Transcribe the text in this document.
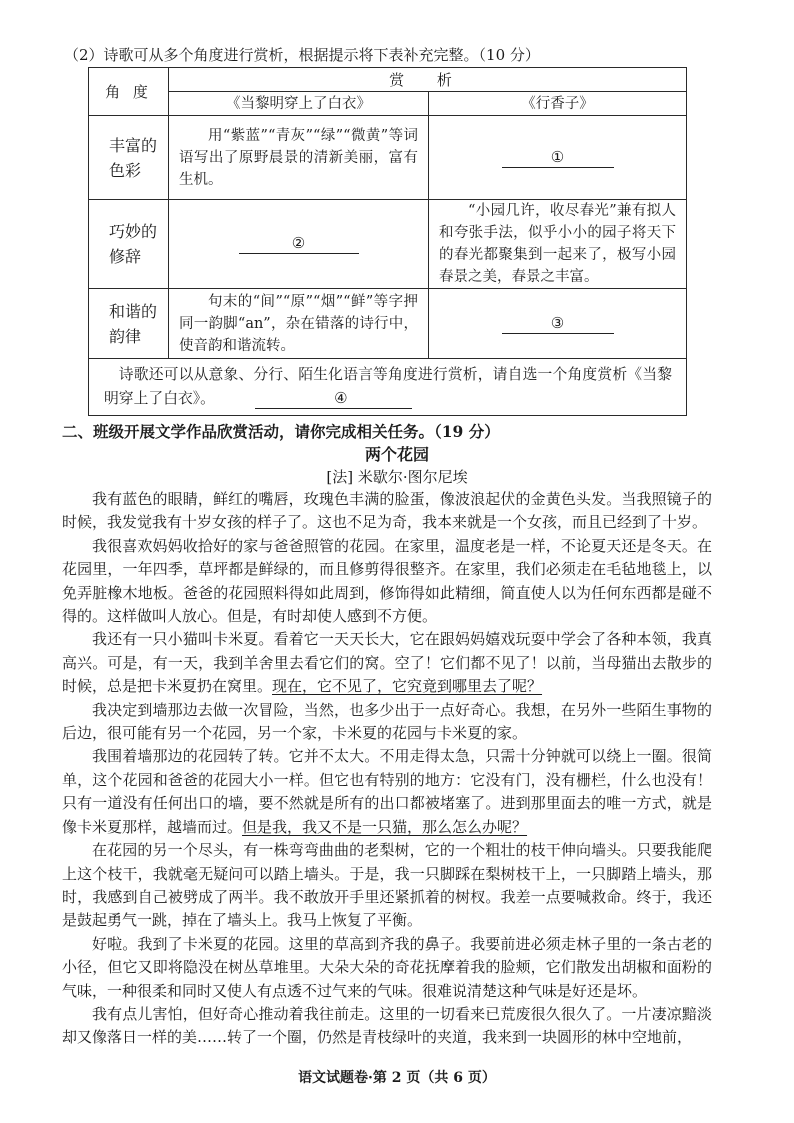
（2）诗歌可从多个角度进行赏析，根据提示将下表补充完整。（10 分）
角 度	赏 析	
	《当黎明穿上了白衣》	《行香子》
丰富的色彩	用“紫蓝”“青灰”“绿”“微黄”等词语写出了原野晨景的清新美丽，富有生机。	①
巧妙的修辞	②	“小园几许，收尽春光”兼有拟人和夸张手法，似乎小小的园子将天下的春光都聚集到一起来了，极写小园春景之美，春景之丰富。
和谐的韵律	句末的“间”“原”“烟”“鲜”等字押同一韵脚“an”，杂在错落的诗行中，使音韵和谐流转。	③
诗歌还可以从意象、分行、陌生化语言等角度进行赏析，请自选一个角度赏析《当黎明穿上了白衣》。 ④		
二、班级开展文学作品欣赏活动，请你完成相关任务。（19 分）
两个花园
[法] 米歇尔·图尔尼埃

我有蓝色的眼睛，鲜红的嘴唇，玫瑰色丰满的脸蛋，像波浪起伏的金黄色头发。当我照镜子的时候，我发觉我有十岁女孩的样子了。这也不足为奇，我本来就是一个女孩，而且已经到了十岁。

我很喜欢妈妈收拾好的家与爸爸照管的花园。在家里，温度老是一样，不论夏天还是冬天。在花园里，一年四季，草坪都是鲜绿的，而且修剪得很整齐。在家里，我们必须走在毛毡地毯上，以免弄脏橡木地板。爸爸的花园照料得如此周到，修饰得如此精细，简直使人以为任何东西都是碰不得的。这样做叫人放心。但是，有时却使人感到不方便。

我还有一只小猫叫卡米夏。看着它一天天长大，它在跟妈妈嬉戏玩耍中学会了各种本领，我真高兴。可是，有一天，我到羊舍里去看它们的窝。空了！它们都不见了！以前，当母猫出去散步的时候，总是把卡米夏扔在窝里。现在，它不见了，它究竟到哪里去了呢？

我决定到墙那边去做一次冒险，当然，也多少出于一点好奇心。我想，在另外一些陌生事物的后边，很可能有另一个花园，另一个家，卡米夏的花园与卡米夏的家。

我围着墙那边的花园转了转。它并不太大。不用走得太急，只需十分钟就可以绕上一圈。很简单，这个花园和爸爸的花园大小一样。但它也有特别的地方：它没有门，没有栅栏，什么也没有！只有一道没有任何出口的墙，要不然就是所有的出口都被堵塞了。进到那里面去的唯一方式，就是像卡米夏那样，越墙而过。但是我，我又不是一只猫，那么怎么办呢？

在花园的另一个尽头，有一株弯弯曲曲的老梨树，它的一个粗壮的枝干伸向墙头。只要我能爬上这个枝干，我就毫无疑问可以踏上墙头。于是，我一只脚踩在梨树枝干上，一只脚踏上墙头，那时，我感到自己被劈成了两半。我不敢放开手里还紧抓着的树杈。我差一点要喊救命。终于，我还是鼓起勇气一跳，掉在了墙头上。我马上恢复了平衡。

好啦。我到了卡米夏的花园。这里的草高到齐我的鼻子。我要前进必须走林子里的一条古老的小径，但它又即将隐没在树丛草堆里。大朵大朵的奇花抚摩着我的脸颊，它们散发出胡椒和面粉的气味，一种很柔和同时又使人有点透不过气来的气味。很难说清楚这种气味是好还是坏。

我有点儿害怕，但好奇心推动着我往前走。这里的一切看来已荒废很久很久了。一片凄凉黯淡却又像落日一样的美……转了一个圈，仍然是青枝绿叶的夹道，我来到一块圆形的林中空地前，

语文试题卷·第 2 页（共 6 页）
